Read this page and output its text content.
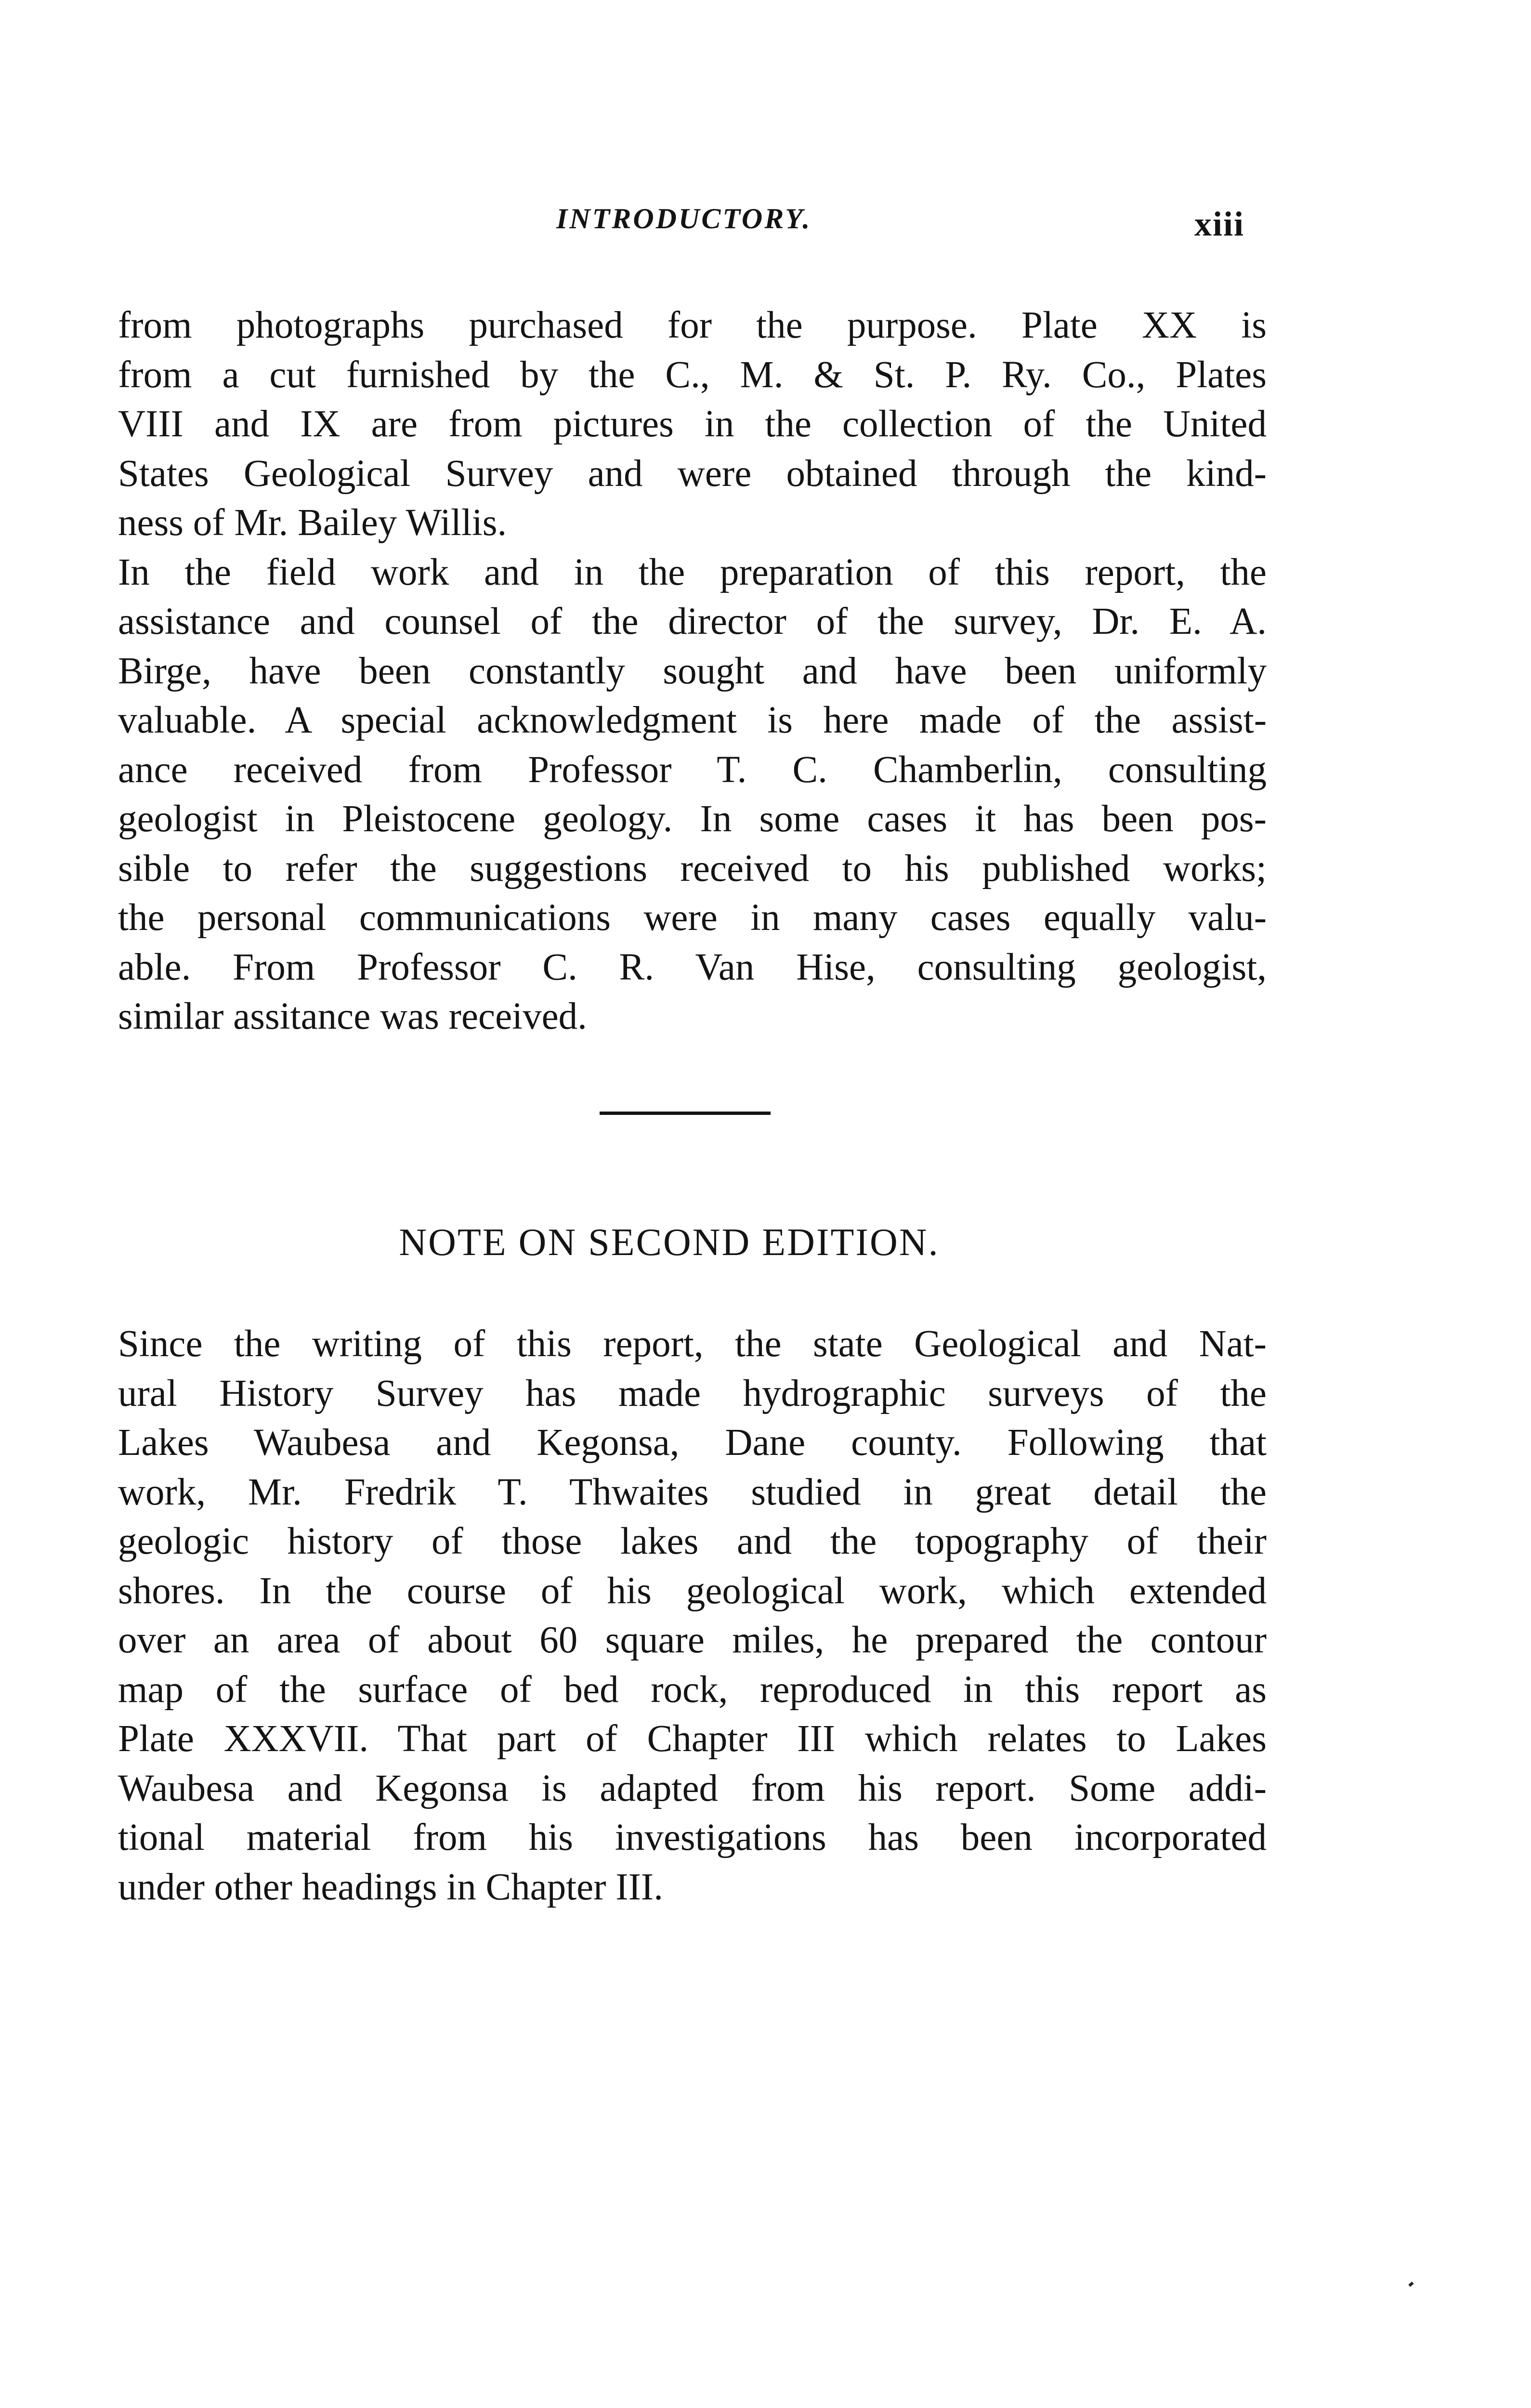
INTRODUCTORY.	xiii
from photographs purchased for the purpose. Plate XX is
from a cut furnished by the C., M. & St. P. Ry. Co., Plates
VIII and IX are from pictures in the collection of the United
States Geological Survey and were obtained through the kind-
ness of Mr. Bailey Willis.
In the field work and in the preparation of this report, the
assistance and counsel of the director of the survey, Dr. E. A.
Birge, have been constantly sought and have been uniformly
valuable. A special acknowledgment is here made of the assist-
ance received from Professor T. C. Chamberlin, consulting
geologist in Pleistocene geology. In some cases it has been pos-
sible to refer the suggestions received to his published works;
the personal communications were in many cases equally valu-
able. From Professor C. R. Van Hise, consulting geologist,
similar assitance was received.
NOTE ON SECOND EDITION.
Since the writing of this report, the state Geological and Nat-
ural History Survey has made hydrographic surveys of the
Lakes Waubesa and Kegonsa, Dane county. Following that
work, Mr. Fredrik T. Thwaites studied in great detail the
geologic history of those lakes and the topography of their
shores. In the course of his geological work, which extended
over an area of about 60 square miles, he prepared the contour
map of the surface of bed rock, reproduced in this report as
Plate XXXVII. That part of Chapter III which relates to Lakes
Waubesa and Kegonsa is adapted from his report. Some addi-
tional material from his investigations has been incorporated
under other headings in Chapter III.
